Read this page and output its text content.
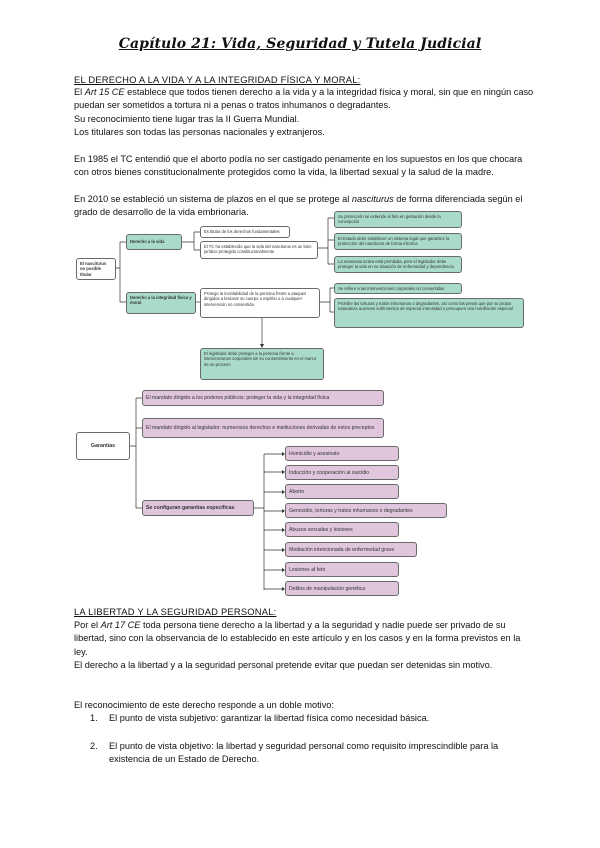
Capítulo 21: Vida, Seguridad y Tutela Judicial
EL DERECHO A LA VIDA Y A LA INTEGRIDAD FÍSICA Y MORAL:
El Art 15 CE establece que todos tienen derecho a la vida y a la integridad física y moral, sin que en ningún caso puedan ser sometidos a tortura ni a penas o tratos inhumanos o degradantes.
Su reconocimiento tiene lugar tras la II Guerra Mundial.
Los titulares son todas las personas nacionales y extranjeros.
En 1985 el TC entendió que el aborto podía no ser castigado penamente en los supuestos en los que chocara con otros bienes constitucionalmente protegidos como la vida, la libertad sexual y la salud de la madre.
En 2010 se estableció un sistema de plazos en el que se protege al nasciturus de forma diferenciada según el grado de desarrollo de la vida embrionaria.
El nasciturus no posible titular
Derecho a la vida
Derecho a la integridad física y moral
Es titular de los derechos fundamentales
El TC ha establecido que la vida del nasciturus es un bien jurídico protegido constitucionalmente
Su protección se extiende al feto en gestación desde la concepción
El Estado debe establecer un sistema legal que garantice la protección del nasciturus de forma efectiva
La eutanasia activa está prohibida, pero el legislador debe proteger la vida en su situación de enfermedad y dependencia
Protege la inviolabilidad de la persona frente a ataques dirigidos a lesionar su cuerpo o espíritu o a cualquier intervención no consentida
Se refiere a las intervenciones corporales no consentidas
Prohíbe las torturas y tratos inhumanos o degradantes, así como las penas que por su propia naturaleza acarreen sufrimientos de especial intensidad o provoquen una humillación especial
El legislador debe proteger a la persona frente a intervenciones corporales sin su consentimiento en el marco de un proceso
Garantías
El mandato dirigido a los poderes públicos: proteger la vida y la integridad física
El mandato dirigido al legislador: numerosos derechos e instituciones derivadas de estos preceptos
Se configuran garantías específicas
Homicidio y asesinato
Inducción y cooperación al suicidio
Aborto
Genocidio, torturas y tratos inhumanos o degradantes
Abusos sexuales y lesiones
Mediación intencionada de enfermedad grave
Lesiones al feto
Delitos de manipulación genética
LA LIBERTAD Y LA SEGURIDAD PERSONAL:
Por el Art 17 CE toda persona tiene derecho a la libertad y a la seguridad y nadie puede ser privado de su libertad, sino con la observancia de lo establecido en este artículo y en los casos y en la forma previstos en la ley.
El derecho a la libertad y a la seguridad personal pretende evitar que puedan ser detenidas sin motivo.
El reconocimiento de este derecho responde a un doble motivo:
1. El punto de vista subjetivo: garantizar la libertad física como necesidad básica.
2.	El punto de vista objetivo: la libertad y seguridad personal como requisito imprescindible para la existencia de un Estado de Derecho.
